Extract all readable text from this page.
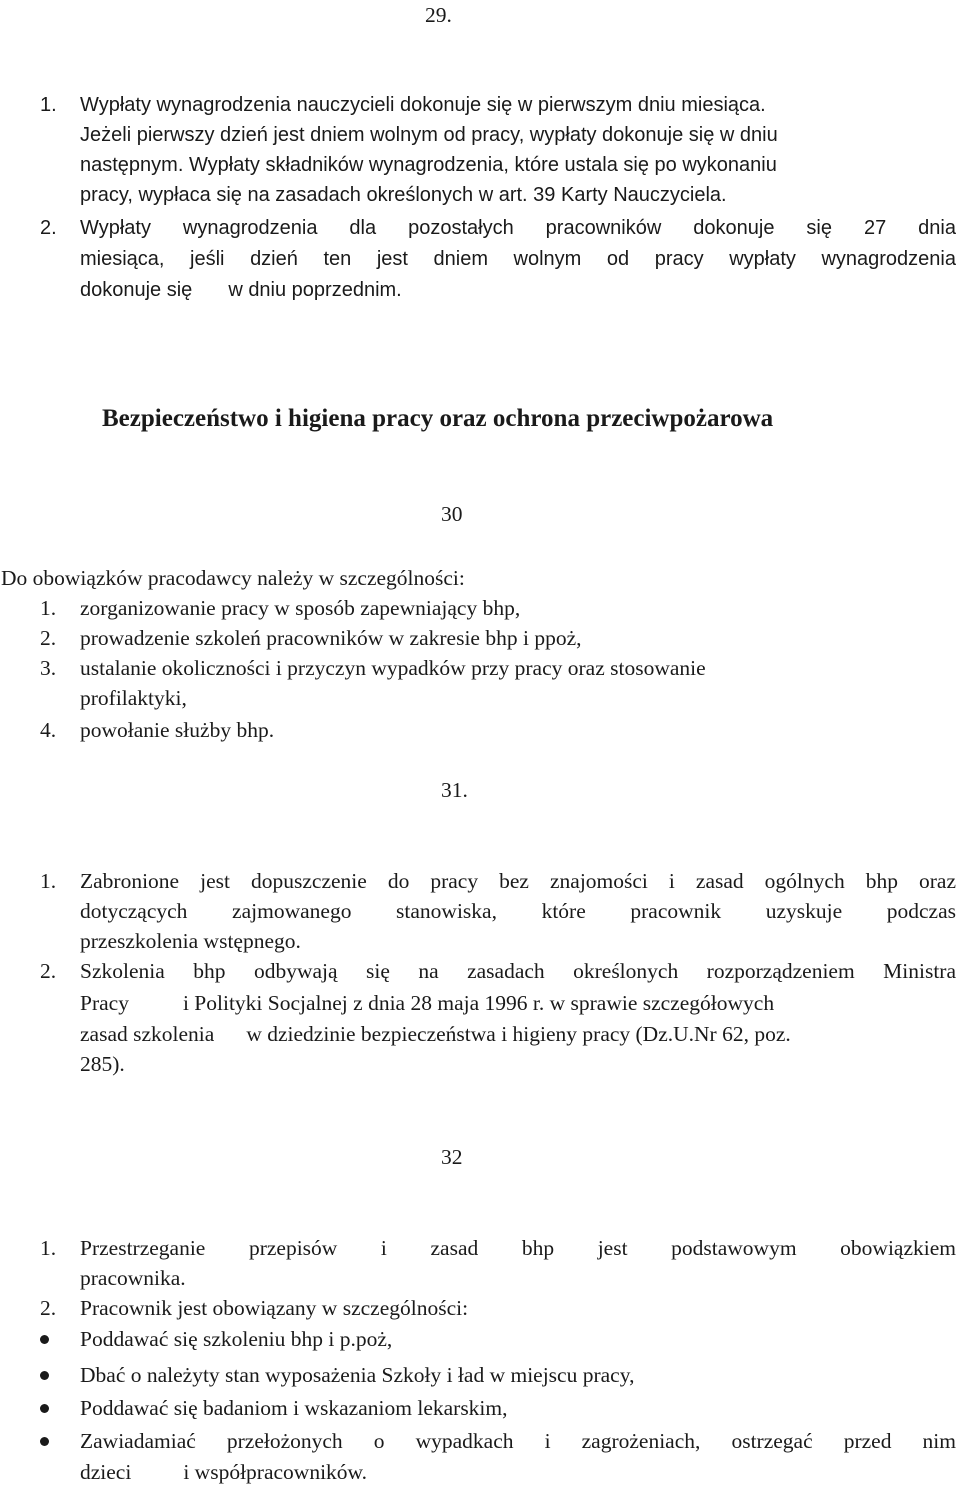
29.
1. Wypłaty wynagrodzenia nauczycieli dokonuje się w pierwszym dniu miesiąca.
Jeżeli pierwszy dzień jest dniem wolnym od pracy, wypłaty dokonuje się w dniu
następnym. Wypłaty składników wynagrodzenia, które ustala się po wykonaniu
pracy, wypłaca się na zasadach określonych w art. 39 Karty Nauczyciela.
2. Wypłaty wynagrodzenia dla pozostałych pracowników dokonuje się 27 dnia
miesiąca, jeśli dzień ten jest dniem wolnym od pracy wypłaty wynagrodzenia
dokonuje się w dniu poprzednim.
Bezpieczeństwo i higiena pracy oraz ochrona przeciwpożarowa

30
Do obowiązków pracodawcy należy w szczególności:
1. zorganizowanie pracy w sposób zapewniający bhp,
2. prowadzenie szkoleń pracowników w zakresie bhp i ppoż,
3. ustalanie okoliczności i przyczyn wypadków przy pracy oraz stosowanie
profilaktyki,
4. powołanie służby bhp.
31.
1. Zabronione jest dopuszczenie do pracy bez znajomości i zasad ogólnych bhp oraz
dotyczących zajmowanego stanowiska, które pracownik uzyskuje podczas
przeszkolenia wstępnego.
2. Szkolenia bhp odbywają się na zasadach określonych rozporządzeniem Ministra
Pracy	i Polityki Socjalnej z dnia 28 maja 1996 r. w sprawie szczegółowych
zasad szkolenia w dziedzinie bezpieczeństwa i higieny pracy (Dz.U.Nr 62, poz.
285).

32
1. Przestrzeganie przepisów i zasad bhp jest podstawowym obowiązkiem
pracownika.
2. Pracownik jest obowiązany w szczególności:
Poddawać się szkoleniu bhp i p.poż,
Dbać o należyty stan wyposażenia Szkoły i ład w miejscu pracy,
Poddawać się badaniom i wskazaniom lekarskim,
Zawiadamiać przełożonych o wypadkach i zagrożeniach, ostrzegać przed nim
dzieci i współpracowników.
